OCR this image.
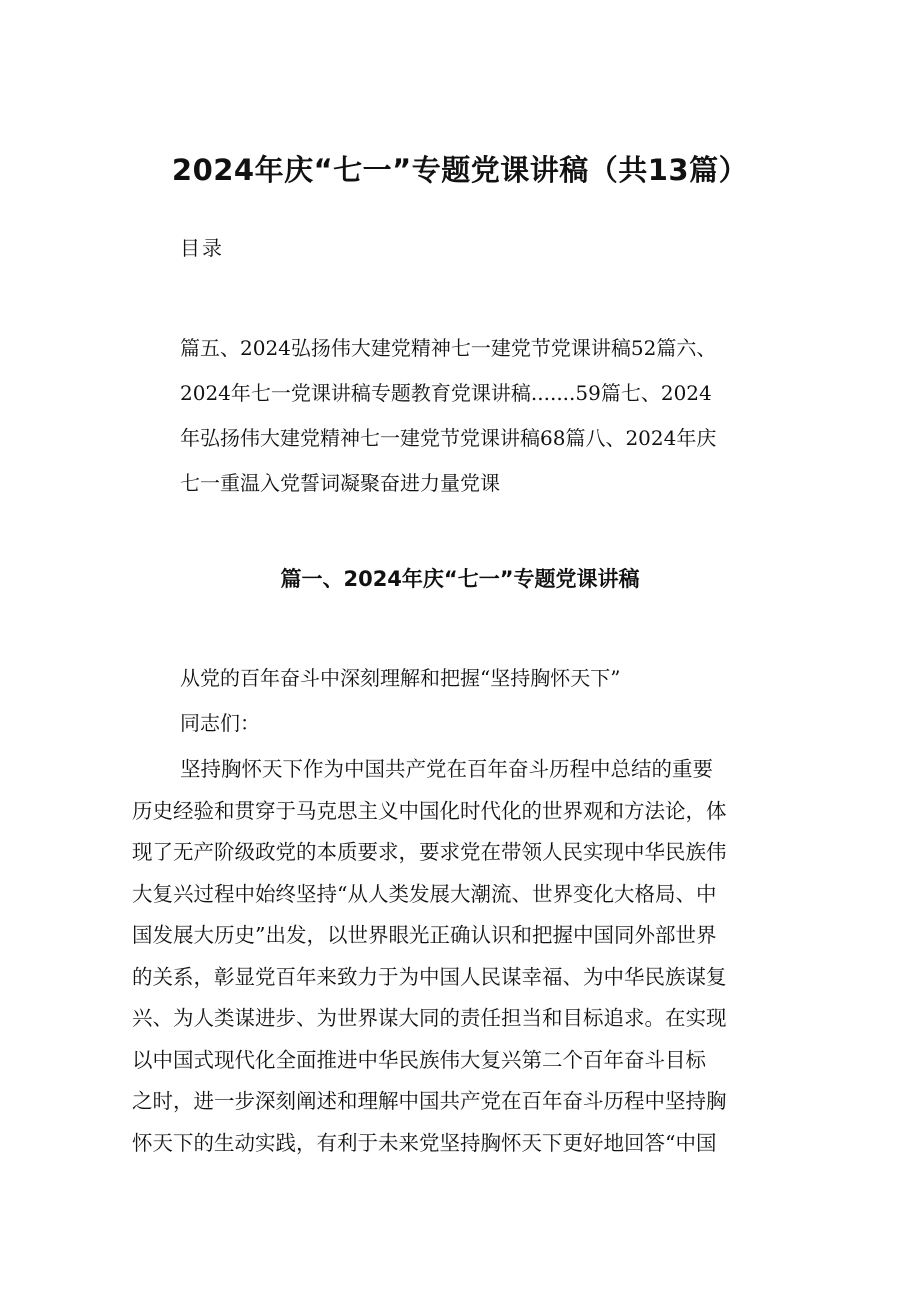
2024年庆“七一”专题党课讲稿（共13篇）

目录

篇五、2024弘扬伟大建党精神七一建党节党课讲稿52篇六、
2024年七一党课讲稿专题教育党课讲稿.......59篇七、2024
年弘扬伟大建党精神七一建党节党课讲稿68篇八、2024年庆
七一重温入党誓词凝聚奋进力量党课
篇一、2024年庆“七一”专题党课讲稿

从党的百年奋斗中深刻理解和把握“坚持胸怀天下”

同志们：

坚持胸怀天下作为中国共产党在百年奋斗历程中总结的重要
历史经验和贯穿于马克思主义中国化时代化的世界观和方法论，体
现了无产阶级政党的本质要求，要求党在带领人民实现中华民族伟
大复兴过程中始终坚持“从人类发展大潮流、世界变化大格局、中
国发展大历史”出发，以世界眼光正确认识和把握中国同外部世界
的关系，彰显党百年来致力于为中国人民谋幸福、为中华民族谋复
兴、为人类谋进步、为世界谋大同的责任担当和目标追求。在实现
以中国式现代化全面推进中华民族伟大复兴第二个百年奋斗目标
之时，进一步深刻阐述和理解中国共产党在百年奋斗历程中坚持胸
怀天下的生动实践，有利于未来党坚持胸怀天下更好地回答“中国
